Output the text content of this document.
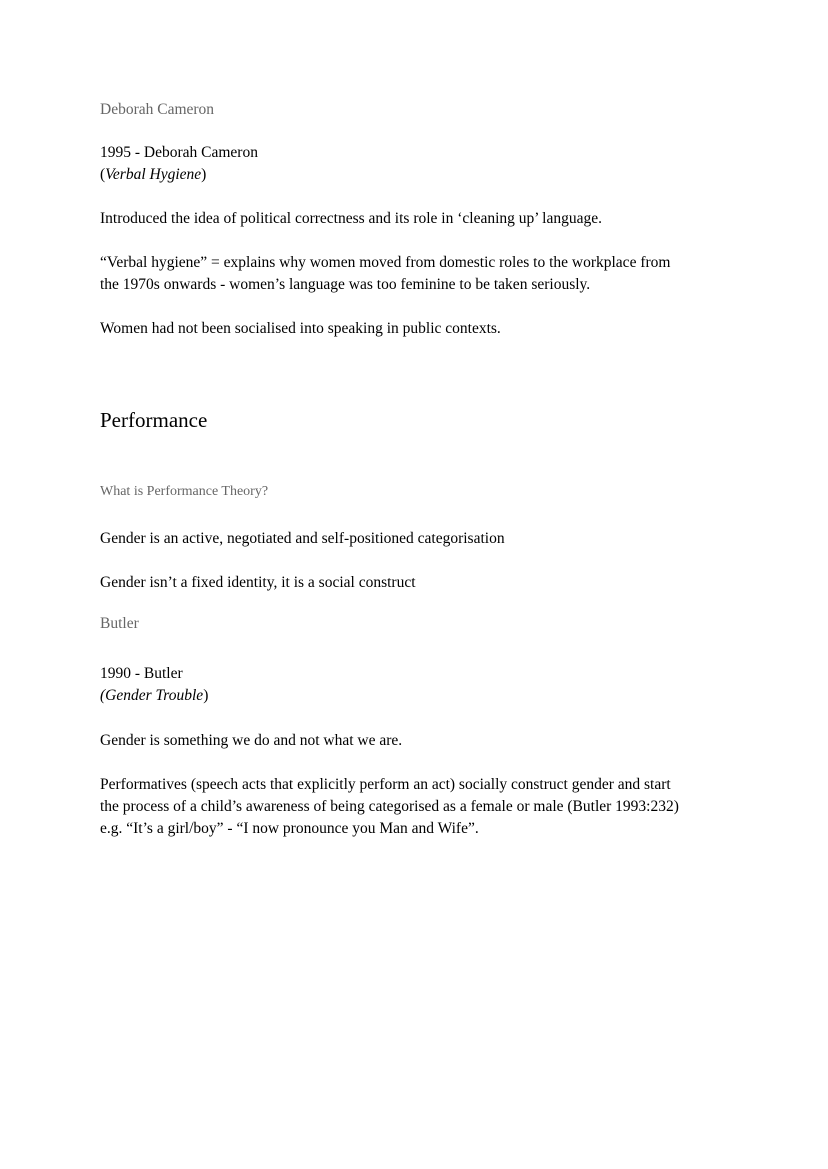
Deborah Cameron

1995 - Deborah Cameron

(Verbal Hygiene)

Introduced the idea of political correctness and its role in ‘cleaning up’ language.

“Verbal hygiene” = explains why women moved from domestic roles to the workplace from

the 1970s onwards - women’s language was too feminine to be taken seriously.

Women had not been socialised into speaking in public contexts.

Performance

What is Performance Theory?

Gender is an active, negotiated and self-positioned categorisation

Gender isn’t a fixed identity, it is a social construct

Butler

1990 - Butler

(Gender Trouble)

Gender is something we do and not what we are.

Performatives (speech acts that explicitly perform an act) socially construct gender and start

the process of a child’s awareness of being categorised as a female or male (Butler 1993:232)

e.g. “It’s a girl/boy” - “I now pronounce you Man and Wife”.
